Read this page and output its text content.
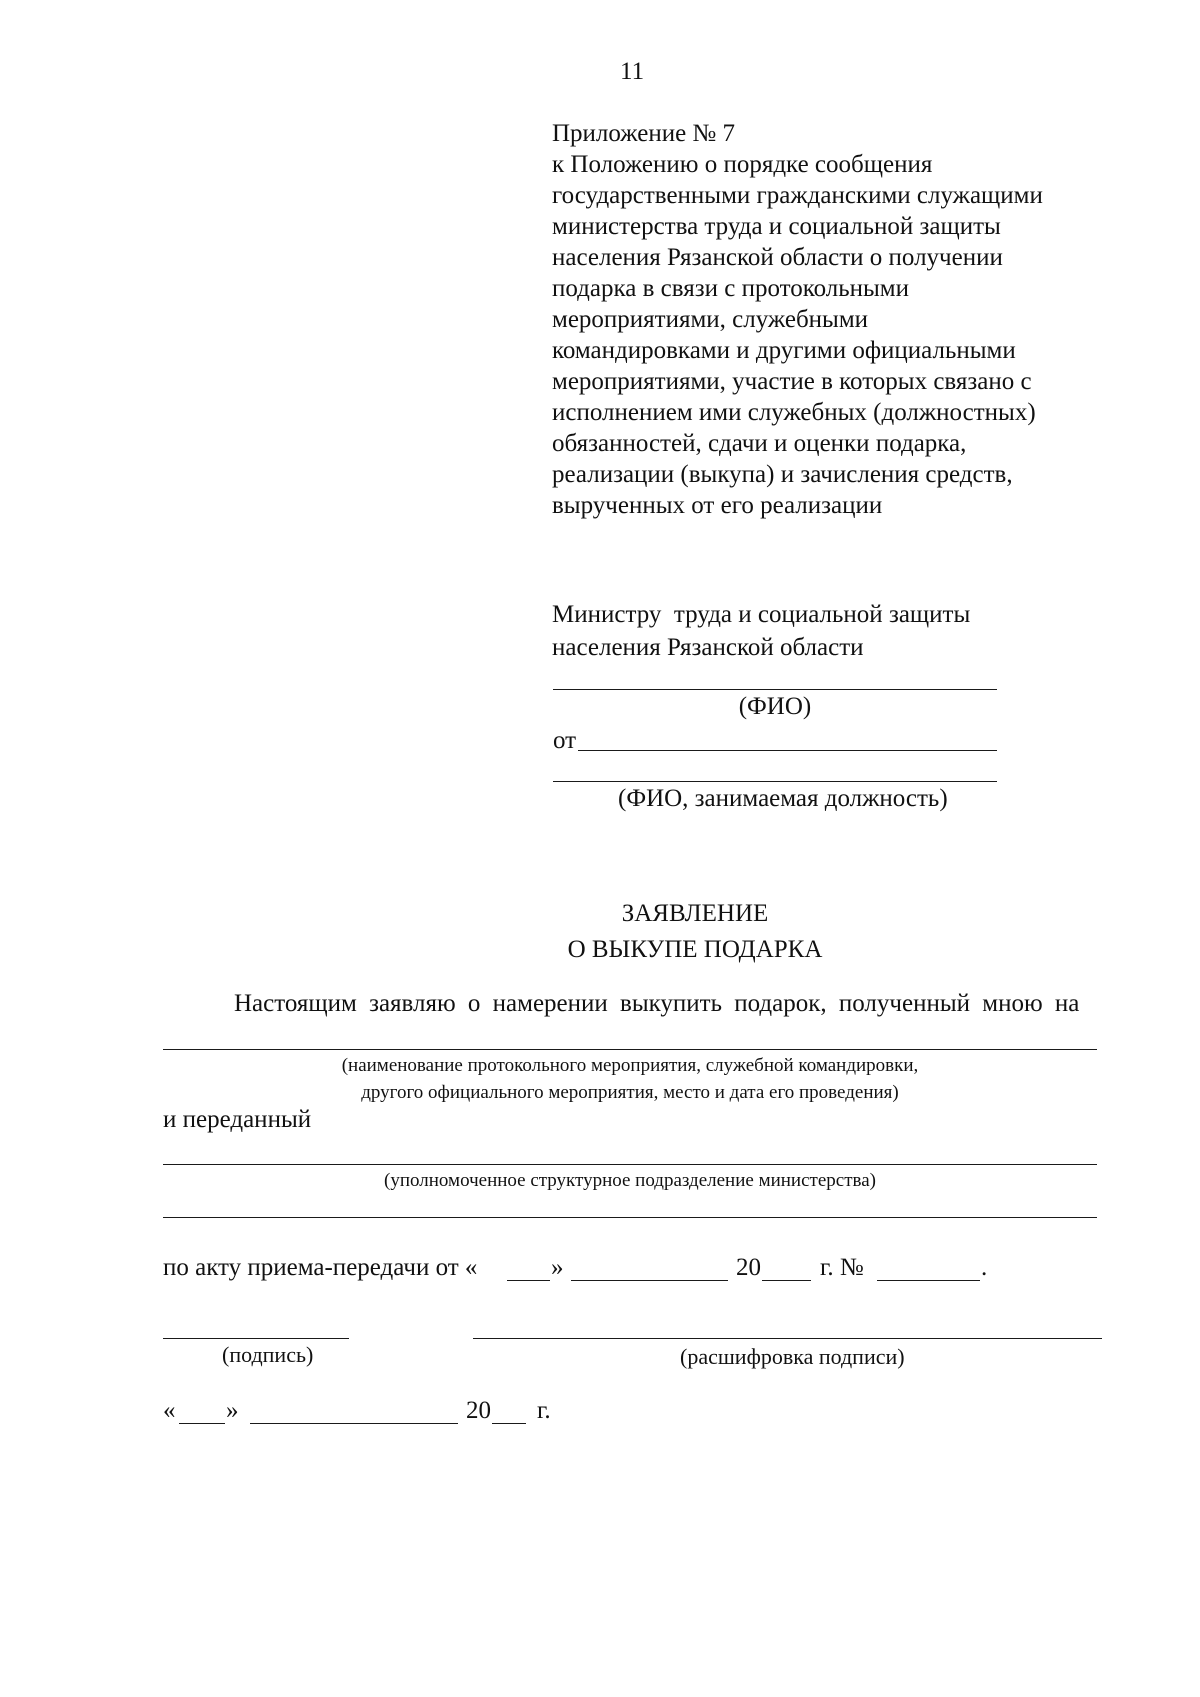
11
Приложение № 7
к Положению о порядке сообщения
государственными гражданскими служащими
министерства труда и социальной защиты
населения Рязанской области о получении
подарка в связи с протокольными
мероприятиями, служебными
командировками и другими официальными
мероприятиями, участие в которых связано с
исполнением ими служебных (должностных)
обязанностей, сдачи и оценки подарка,
реализации (выкупа) и зачисления средств,
вырученных от его реализации
Министру  труда и социальной защиты
населения Рязанской области
(ФИО)
от
(ФИО, занимаемая должность)
ЗАЯВЛЕНИЕ
О ВЫКУПЕ ПОДАРКА
Настоящим заявляю о намерении выкупить подарок, полученный мною на
(наименование протокольного мероприятия, служебной командировки,
другого официального мероприятия, место и дата его проведения)
и переданный
(уполномоченное структурное подразделение министерства)
по акту приема-передачи от «	»	20 г. №	.
(подпись)	(расшифровка подписи)
« »	20 г.
